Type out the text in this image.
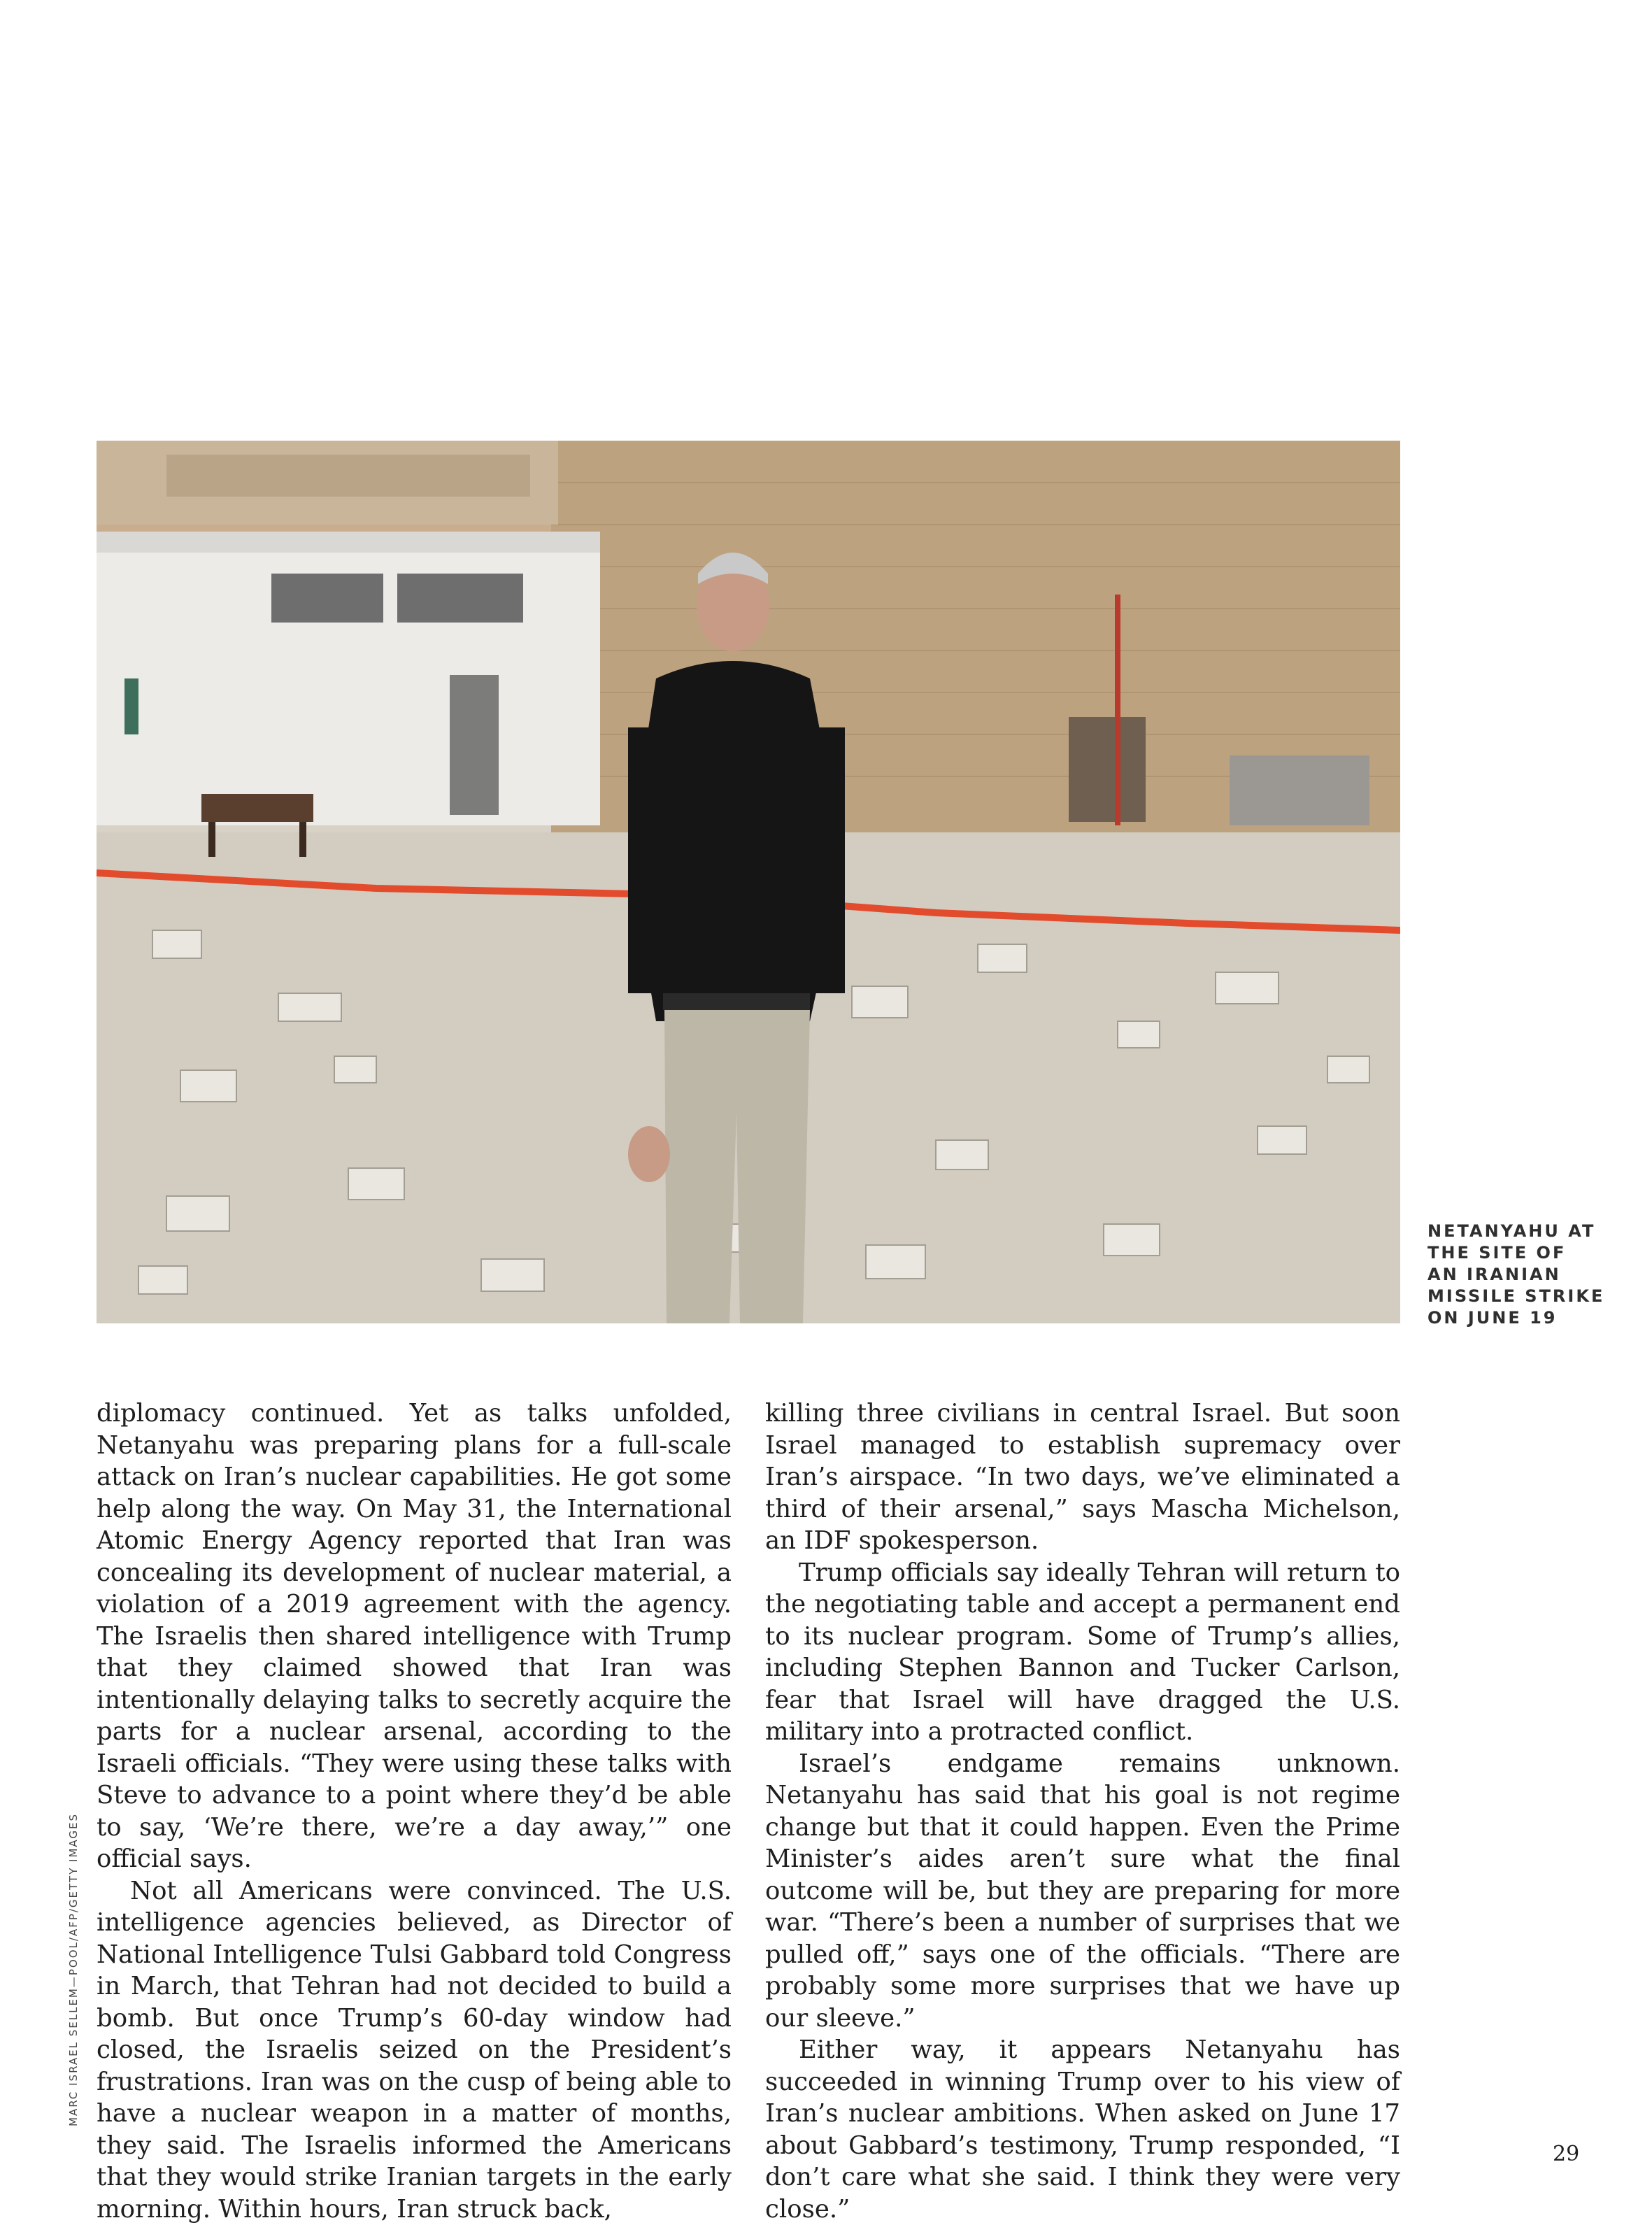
NETANYAHU AT
THE SITE OF
AN IRANIAN
MISSILE STRIKE
ON JUNE 19
MARC ISRAEL SELLEM—POOL/AFP/GETTY IMAGES

diplomacy continued. Yet as talks unfolded, Netanyahu was preparing plans for a full-scale attack on Iran’s nuclear capabilities. He got some help along the way. On May 31, the International Atomic Energy Agency reported that Iran was concealing its development of nuclear material, a violation of a 2019 agreement with the agency. The Israelis then shared intelligence with Trump that they claimed showed that Iran was intentionally delaying talks to secretly acquire the parts for a nuclear arsenal, according to the Israeli officials. “They were using these talks with Steve to advance to a point where they’d be able to say, ‘We’re there, we’re a day away,’” one official says.

Not all Americans were convinced. The U.S. intelligence agencies believed, as Director of National Intelligence Tulsi Gabbard told Congress in March, that Tehran had not decided to build a bomb. But once Trump’s 60-day window had closed, the Israelis seized on the President’s frustrations. Iran was on the cusp of being able to have a nuclear weapon in a matter of months, they said. The Israelis informed the Americans that they would strike Iranian targets in the early morning. Within hours, Iran struck back,

killing three civilians in central Israel. But soon Israel managed to establish supremacy over Iran’s airspace. “In two days, we’ve eliminated a third of their arsenal,” says Mascha Michelson, an IDF spokesperson.

Trump officials say ideally Tehran will return to the negotiating table and accept a permanent end to its nuclear program. Some of Trump’s allies, including Stephen Bannon and Tucker Carlson, fear that Israel will have dragged the U.S. military into a protracted conflict.

Israel’s endgame remains unknown. Netanyahu has said that his goal is not regime change but that it could happen. Even the Prime Minister’s aides aren’t sure what the final outcome will be, but they are preparing for more war. “There’s been a number of surprises that we pulled off,” says one of the officials. “There are probably some more surprises that we have up our sleeve.”

Either way, it appears Netanyahu has succeeded in winning Trump over to his view of Iran’s nuclear ambitions. When asked on June 17 about Gabbard’s testimony, Trump responded, “I don’t care what she said. I think they were very close.”

29
